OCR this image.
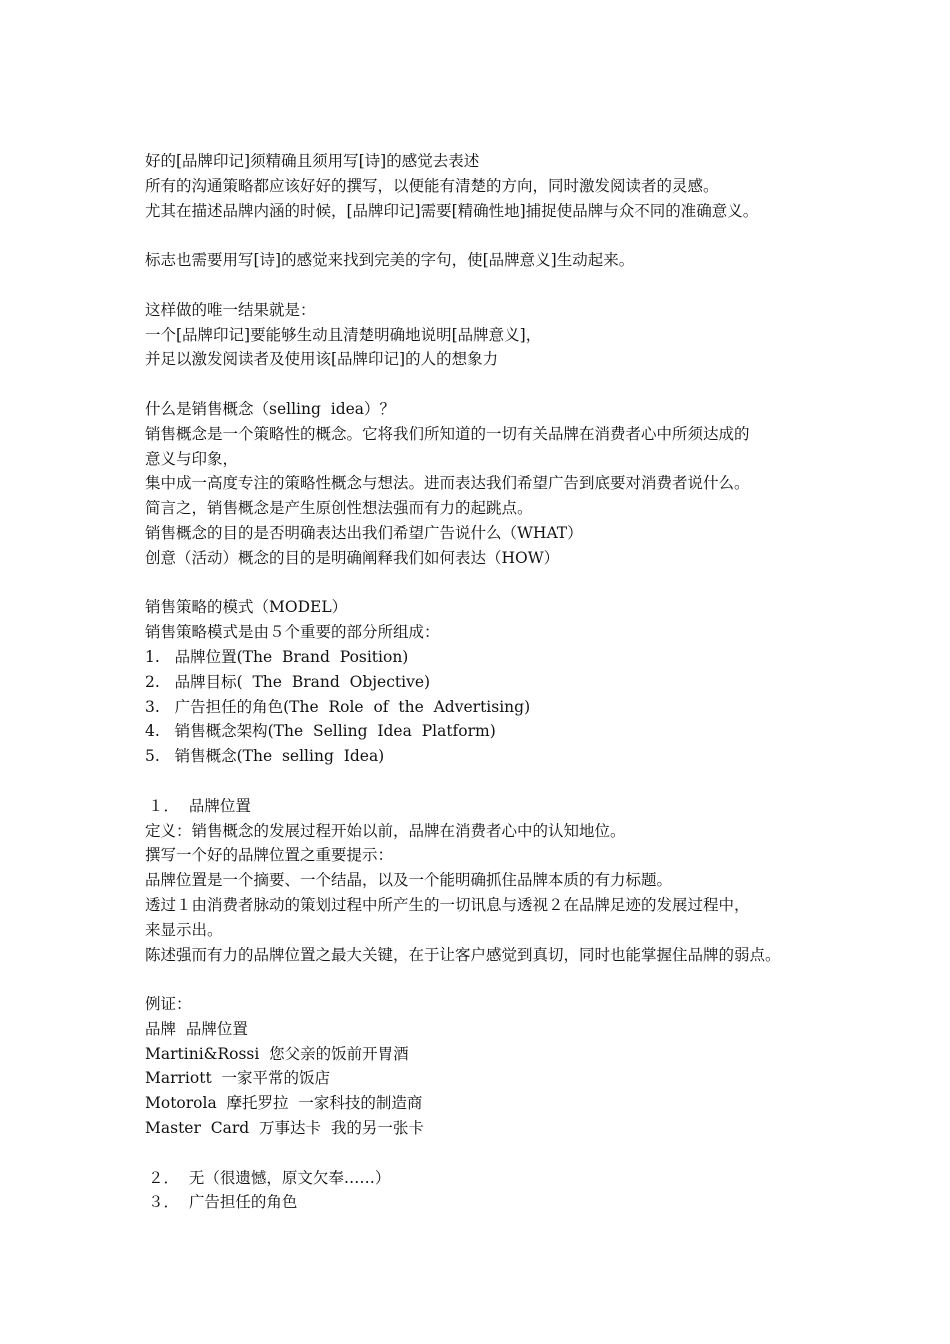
好的[品牌印记]须精确且须用写[诗]的感觉去表述
所有的沟通策略都应该好好的撰写，以便能有清楚的方向，同时激发阅读者的灵感。
尤其在描述品牌内涵的时候，[品牌印记]需要[精确性地]捕捉使品牌与众不同的准确意义。
标志也需要用写[诗]的感觉来找到完美的字句，使[品牌意义]生动起来。
这样做的唯一结果就是：
一个[品牌印记]要能够生动且清楚明确地说明[品牌意义]，
并足以激发阅读者及使用该[品牌印记]的人的想象力
什么是销售概念（selling  idea）？
销售概念是一个策略性的概念。它将我们所知道的一切有关品牌在消费者心中所须达成的
意义与印象，
集中成一高度专注的策略性概念与想法。进而表达我们希望广告到底要对消费者说什么。
简言之，销售概念是产生原创性想法强而有力的起跳点。
销售概念的目的是否明确表达出我们希望广告说什么（WHAT）
创意（活动）概念的目的是明确阐释我们如何表达（HOW）
销售策略的模式（MODEL）
销售策略模式是由５个重要的部分所组成：
1.   品牌位置(The  Brand  Position)
2.   品牌目标(  The  Brand  Objective)
3.   广告担任的角色(The  Role  of  the  Advertising)
4.   销售概念架构(The  Selling  Idea  Platform)
5.   销售概念(The  selling  Idea)
１．  品牌位置
定义：销售概念的发展过程开始以前，品牌在消费者心中的认知地位。
撰写一个好的品牌位置之重要提示：
品牌位置是一个摘要、一个结晶，以及一个能明确抓住品牌本质的有力标题。
透过１由消费者脉动的策划过程中所产生的一切讯息与透视２在品牌足迹的发展过程中，
来显示出。
陈述强而有力的品牌位置之最大关键，在于让客户感觉到真切，同时也能掌握住品牌的弱点。
例证：
品牌  品牌位置
Martini&Rossi  您父亲的饭前开胃酒
Marriott  一家平常的饭店
Motorola  摩托罗拉  一家科技的制造商
Master  Card  万事达卡  我的另一张卡
２．  无（很遗憾，原文欠奉……）
３．  广告担任的角色
